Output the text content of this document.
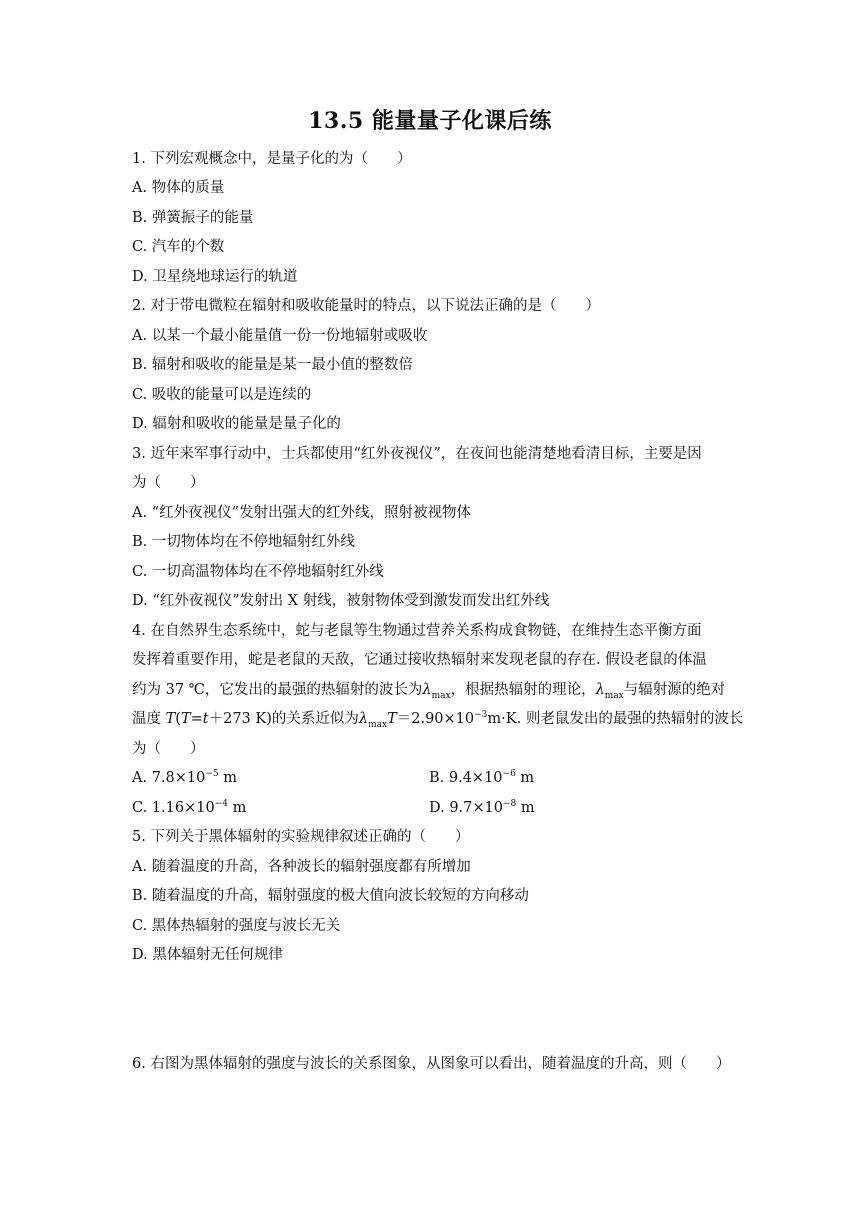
13.5 能量量子化课后练
1. 下列宏观概念中，是量子化的为（　　）
A. 物体的质量
B. 弹簧振子的能量
C. 汽车的个数
D. 卫星绕地球运行的轨道
2. 对于带电微粒在辐射和吸收能量时的特点，以下说法正确的是（　　）
A. 以某一个最小能量值一份一份地辐射或吸收
B. 辐射和吸收的能量是某一最小值的整数倍
C. 吸收的能量可以是连续的
D. 辐射和吸收的能量是量子化的
3. 近年来军事行动中，士兵都使用“红外夜视仪”，在夜间也能清楚地看清目标，主要是因
为（　　）
A. “红外夜视仪”发射出强大的红外线，照射被视物体
B. 一切物体均在不停地辐射红外线
C. 一切高温物体均在不停地辐射红外线
D. “红外夜视仪”发射出 X 射线，被射物体受到激发而发出红外线
4. 在自然界生态系统中，蛇与老鼠等生物通过营养关系构成食物链，在维持生态平衡方面
发挥着重要作用，蛇是老鼠的天敌，它通过接收热辐射来发现老鼠的存在. 假设老鼠的体温
约为 37 ℃，它发出的最强的热辐射的波长为$\lambda_{max}$，根据热辐射的理论，$\lambda_{max}$与辐射源的绝对
温度 T(T=t＋273 K)的关系近似为$\lambda_{max}T=2.90\times 10^{-3}m\cdot K$. 则老鼠发出的最强的热辐射的波长
为（　　）
A. $7.8\times 10^{-5}$ m	B. $9.4\times 10^{-6}$ m
C. $1.16\times 10^{-4}$ m	D. $9.7\times 10^{-8}$ m
5. 下列关于黑体辐射的实验规律叙述正确的（　　）
A. 随着温度的升高，各种波长的辐射强度都有所增加
B. 随着温度的升高，辐射强度的极大值向波长较短的方向移动
C. 黑体热辐射的强度与波长无关
D. 黑体辐射无任何规律
6. 右图为黑体辐射的强度与波长的关系图象，从图象可以看出，随着温度的升高，则（　　）
